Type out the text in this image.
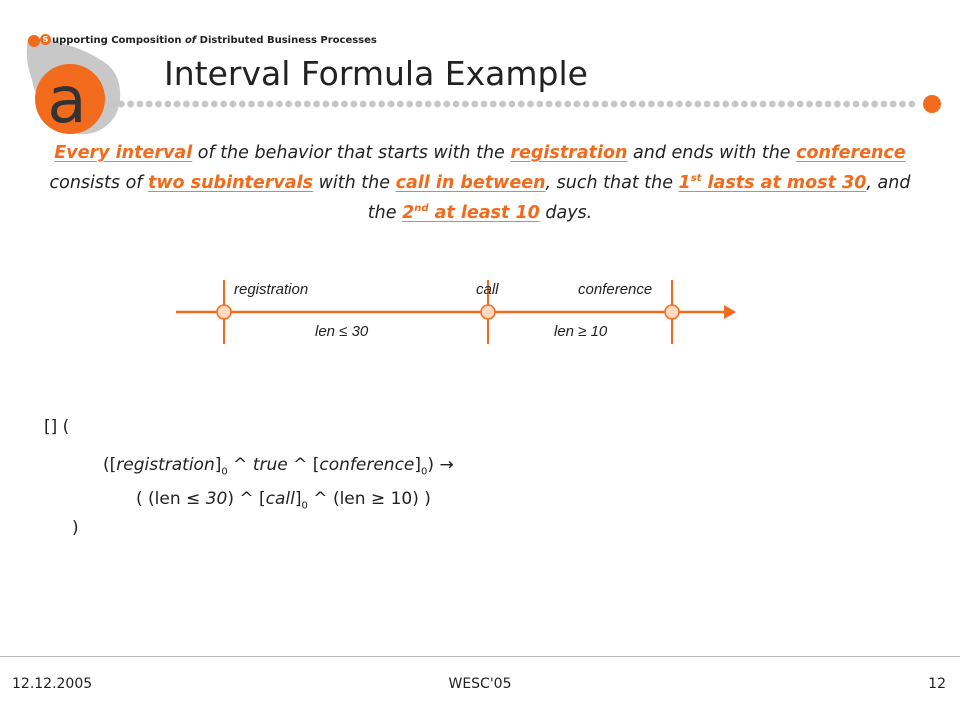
a
S upporting Composition of Distributed Business Processes
Interval Formula Example
Every interval of the behavior that starts with the registration and ends with the conference consists of two subintervals with the call in between, such that the 1st lasts at most 30, and the 2nd at least 10 days.
registration	call	conference
len ≤ 30	len ≥ 10
[] (
($[registration]_0$ ^ true ^ $[conference]_0$) →
( (len ≤ 30) ^ $[call]_0$ ^ (len ≥ 10) )
)
12.12.2005	WESC'05	12
